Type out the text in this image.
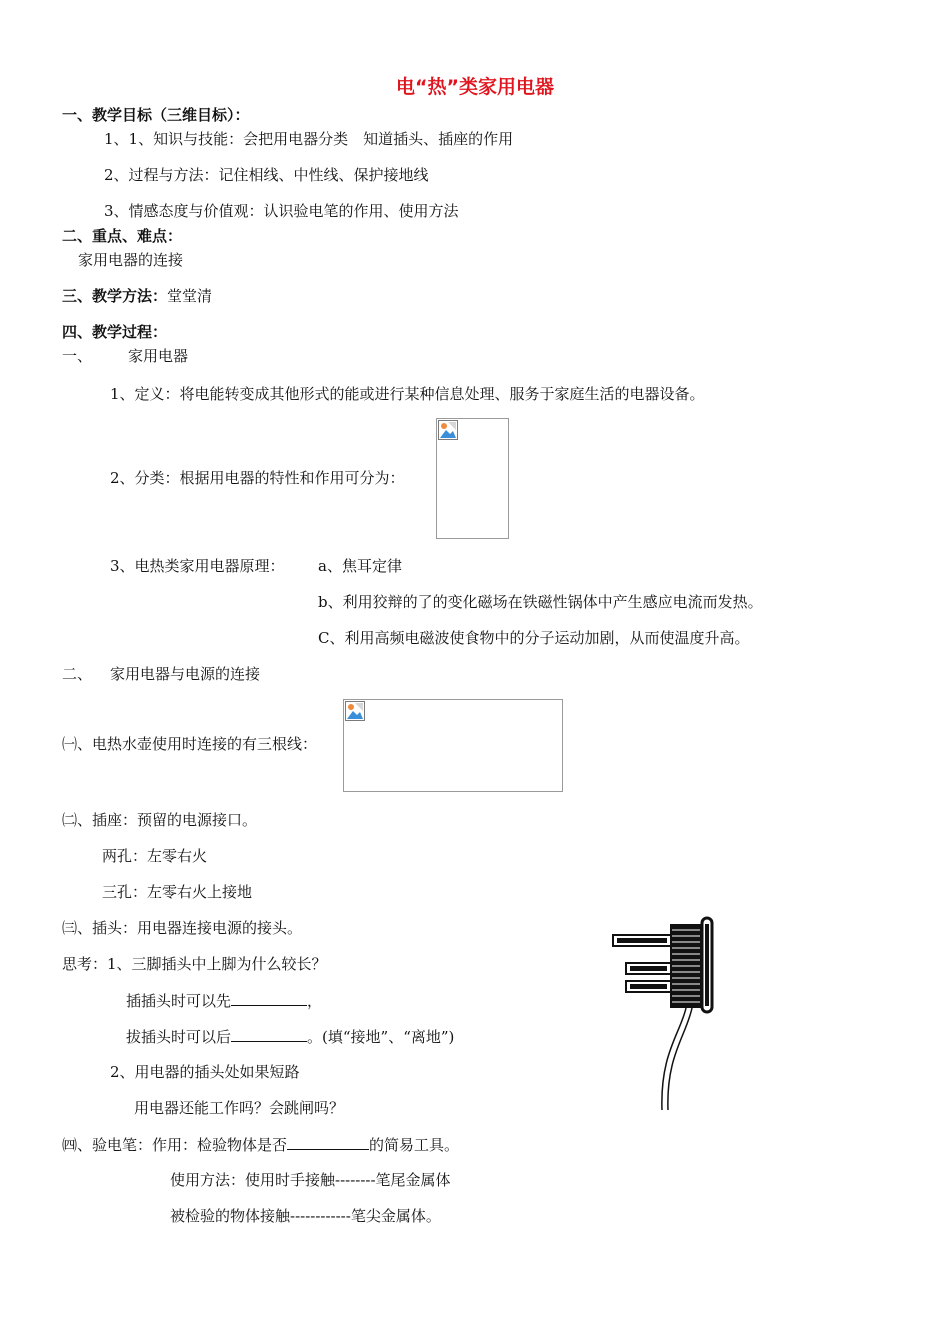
电“热”类家用电器
一、教学目标（三维目标）：
1、1、知识与技能：会把用电器分类　知道插头、插座的作用
2、过程与方法：记住相线、中性线、保护接地线
3、情感态度与价值观：认识验电笔的作用、使用方法
二、重点、难点：
家用电器的连接
三、教学方法：堂堂清
四、教学过程：
一、 家用电器
1、定义：将电能转变成其他形式的能或进行某种信息处理、服务于家庭生活的电器设备。
2、分类：根据用电器的特性和作用可分为：
3、电热类家用电器原理： a、焦耳定律
b、利用狡辩的了的变化磁场在铁磁性锅体中产生感应电流而发热。
C、利用高频电磁波使食物中的分子运动加剧，从而使温度升高。
二、 家用电器与电源的连接
㈠、电热水壶使用时连接的有三根线：
㈡、插座：预留的电源接口。
两孔：左零右火
三孔：左零右火上接地
㈢、插头：用电器连接电源的接头。
思考：1、三脚插头中上脚为什么较长？
插插头时可以先	，
拔插头时可以后	。(填“接地”、“离地”)
2、用电器的插头处如果短路
用电器还能工作吗？会跳闸吗？
㈣、验电笔：作用：检验物体是否	的简易工具。
使用方法：使用时手接触--------笔尾金属体
被检验的物体接触------------笔尖金属体。
